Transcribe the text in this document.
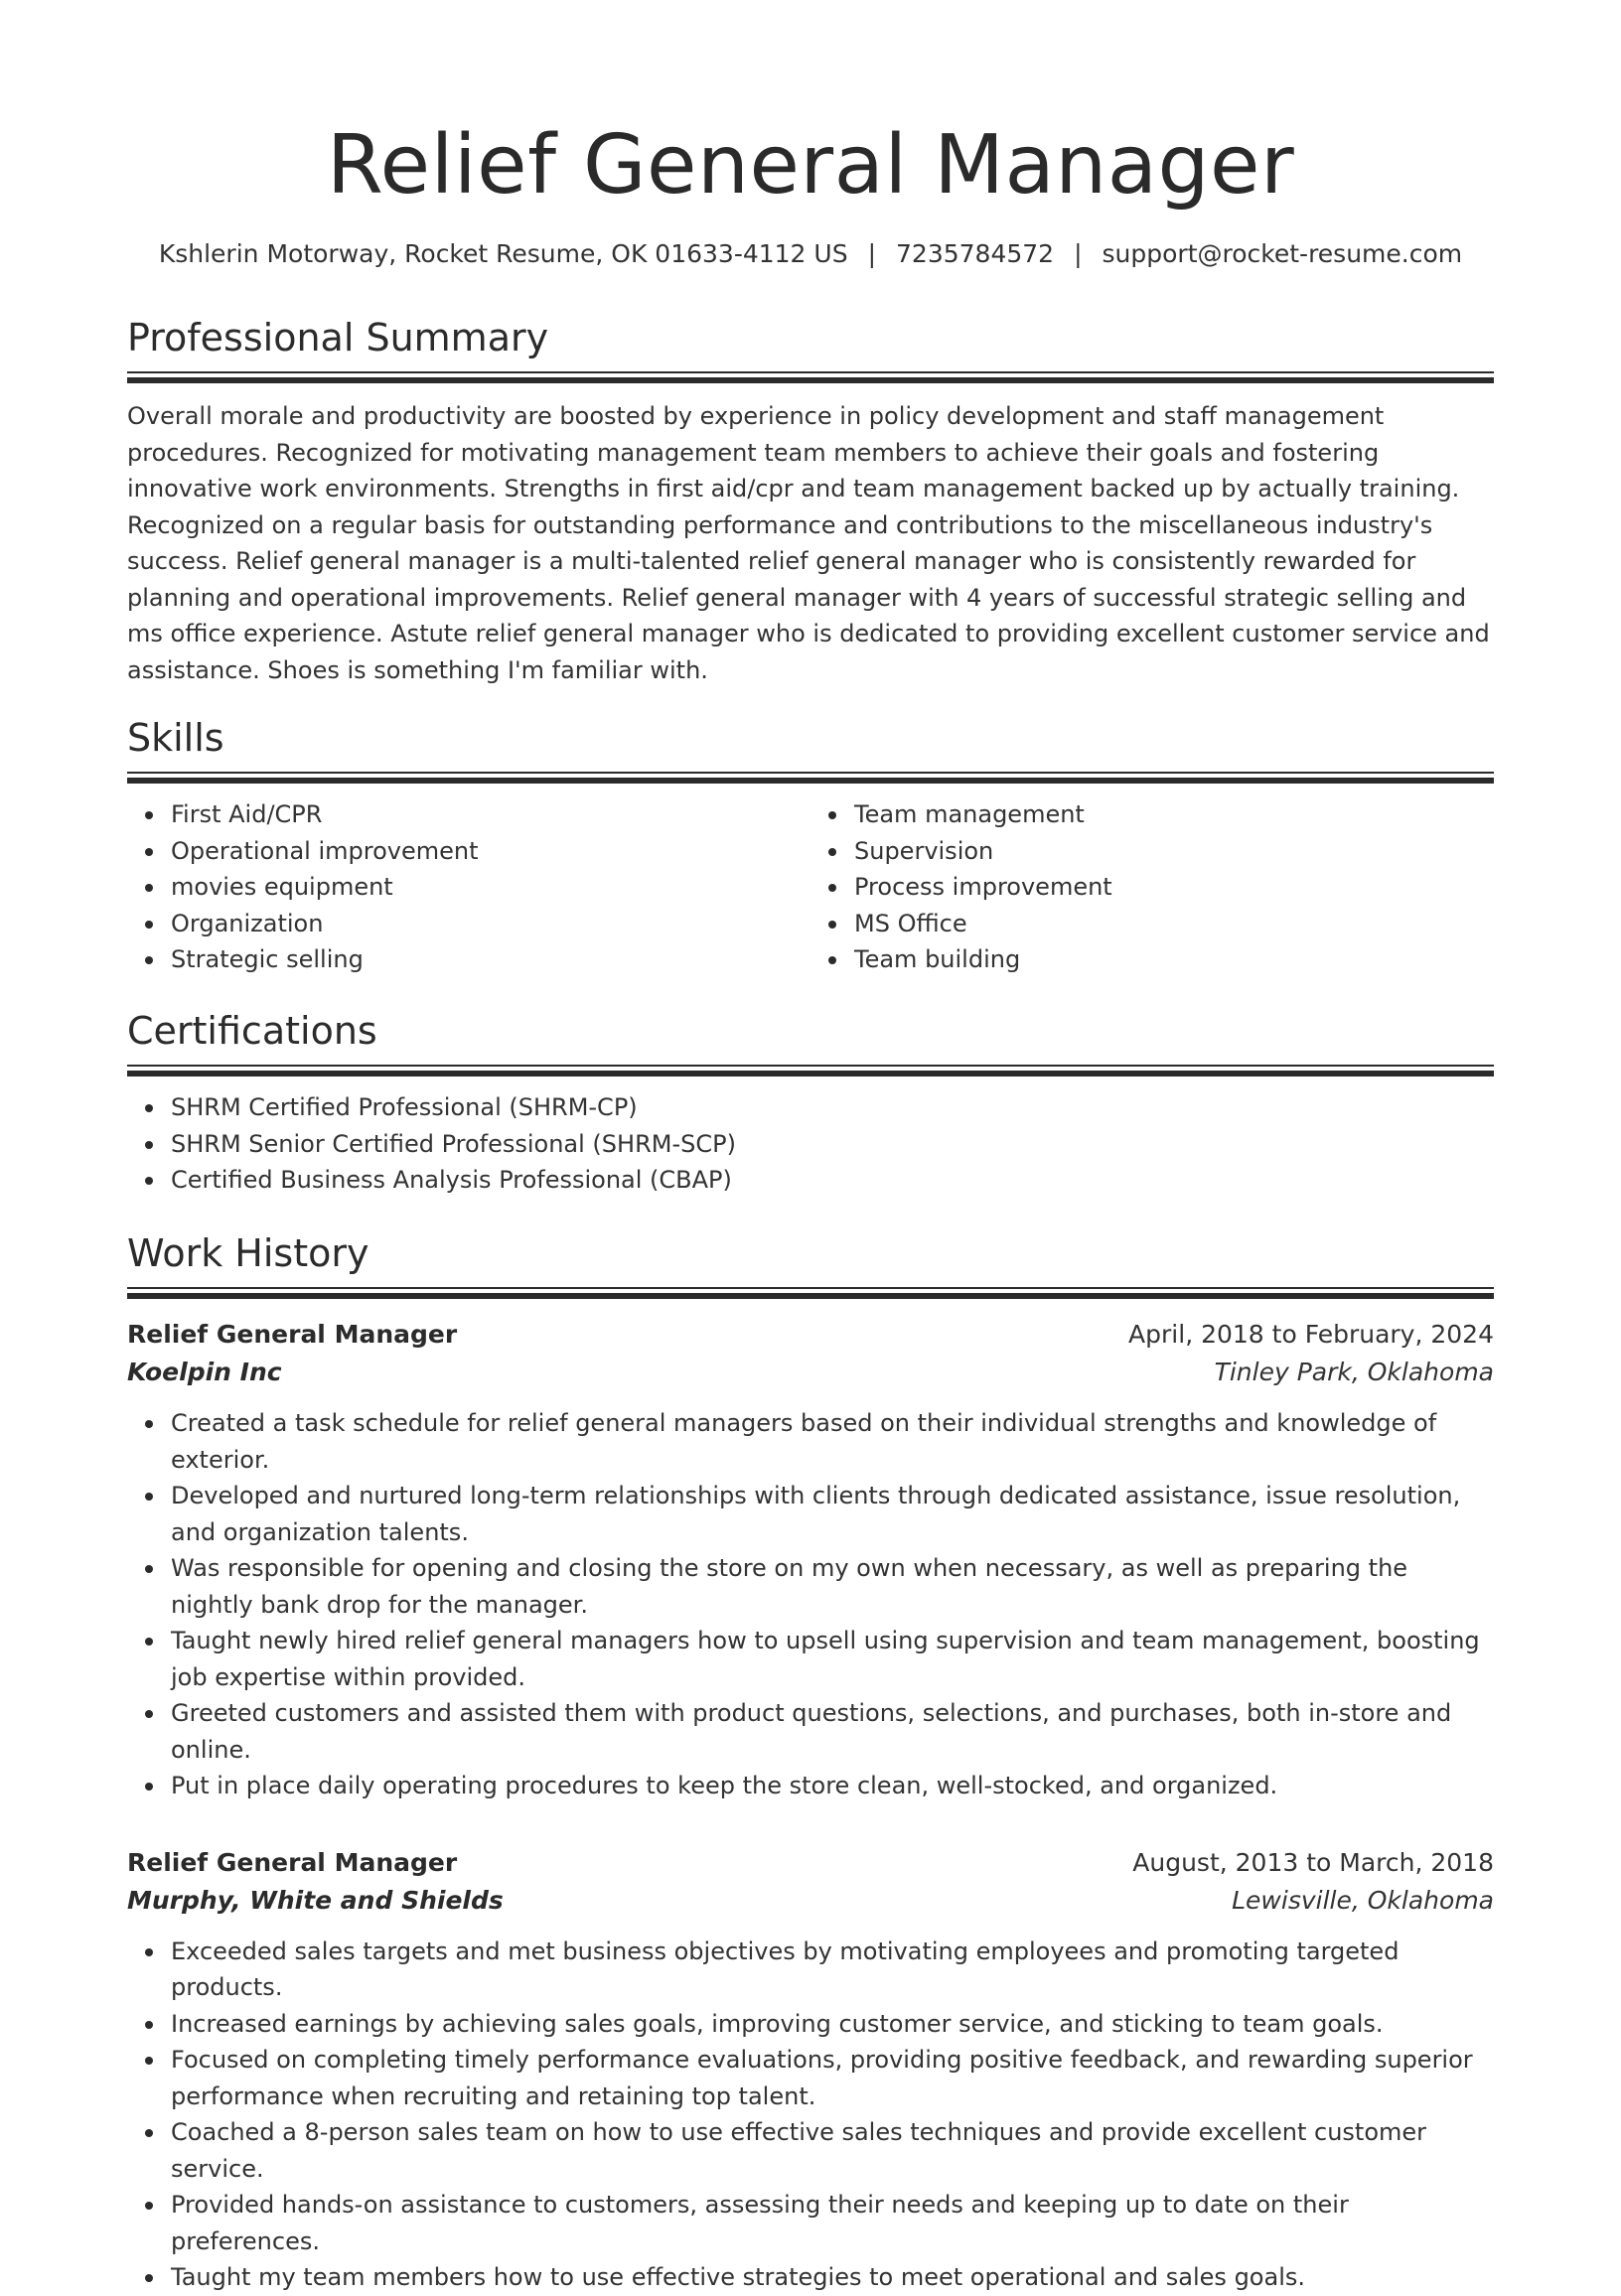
Relief General Manager
Kshlerin Motorway, Rocket Resume, OK 01633-4112 US | 7235784572 | support@rocket-resume.com
Professional Summary

Overall morale and productivity are boosted by experience in policy development and staff management procedures. Recognized for motivating management team members to achieve their goals and fostering innovative work environments. Strengths in first aid/cpr and team management backed up by actually training. Recognized on a regular basis for outstanding performance and contributions to the miscellaneous industry's success. Relief general manager is a multi-talented relief general manager who is consistently rewarded for planning and operational improvements. Relief general manager with 4 years of successful strategic selling and ms office experience. Astute relief general manager who is dedicated to providing excellent customer service and assistance. Shoes is something I'm familiar with.

Skills
First Aid/CPR
Operational improvement
movies equipment
Organization
Strategic selling
Team management
Supervision
Process improvement
MS Office
Team building
Certifications
SHRM Certified Professional (SHRM-CP)
SHRM Senior Certified Professional (SHRM-SCP)
Certified Business Analysis Professional (CBAP)
Work History
Relief General Manager	April, 2018 to February, 2024
Koelpin Inc	Tinley Park, Oklahoma
Created a task schedule for relief general managers based on their individual strengths and knowledge of exterior.
Developed and nurtured long-term relationships with clients through dedicated assistance, issue resolution, and organization talents.
Was responsible for opening and closing the store on my own when necessary, as well as preparing the nightly bank drop for the manager.
Taught newly hired relief general managers how to upsell using supervision and team management, boosting job expertise within provided.
Greeted customers and assisted them with product questions, selections, and purchases, both in-store and online.
Put in place daily operating procedures to keep the store clean, well-stocked, and organized.
Relief General Manager	August, 2013 to March, 2018
Murphy, White and Shields	Lewisville, Oklahoma
Exceeded sales targets and met business objectives by motivating employees and promoting targeted products.
Increased earnings by achieving sales goals, improving customer service, and sticking to team goals.
Focused on completing timely performance evaluations, providing positive feedback, and rewarding superior performance when recruiting and retaining top talent.
Coached a 8-person sales team on how to use effective sales techniques and provide excellent customer service.
Provided hands-on assistance to customers, assessing their needs and keeping up to date on their preferences.
Taught my team members how to use effective strategies to meet operational and sales goals.
